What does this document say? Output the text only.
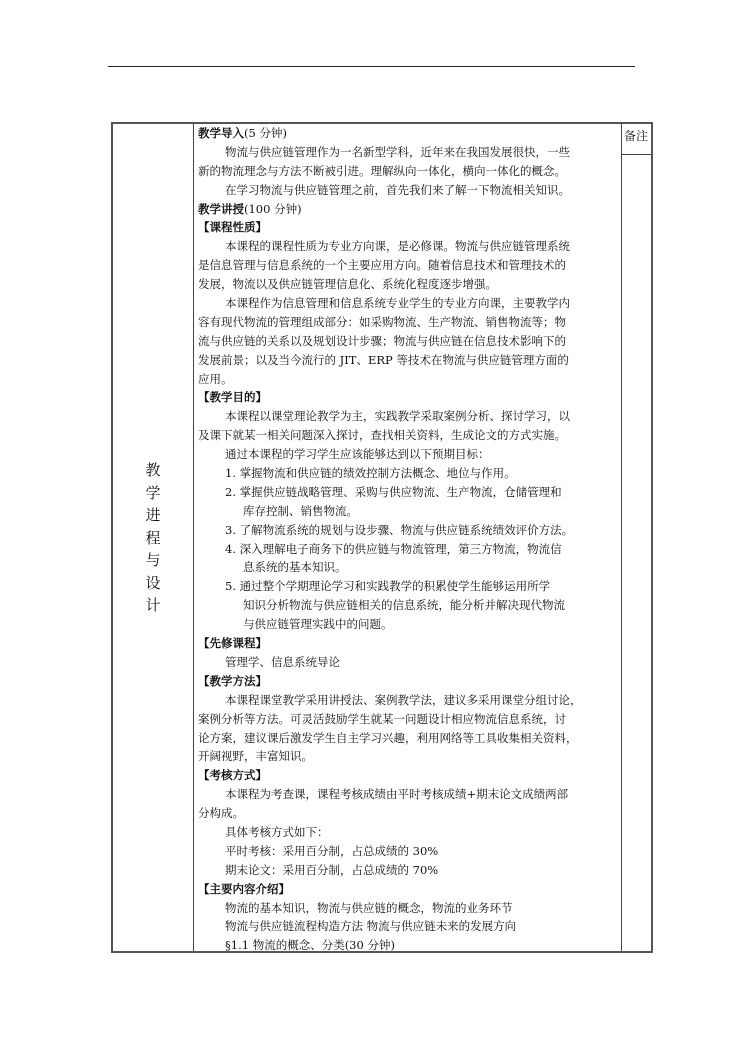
备注
教
学
进
程
与
设
计
教学导入(5 分钟)
物流与供应链管理作为一名新型学科，近年来在我国发展很快，一些
新的物流理念与方法不断被引进。理解纵向一体化，横向一体化的概念。
在学习物流与供应链管理之前，首先我们来了解一下物流相关知识。
教学讲授(100 分钟)
【课程性质】
本课程的课程性质为专业方向课，是必修课。物流与供应链管理系统
是信息管理与信息系统的一个主要应用方向。随着信息技术和管理技术的
发展，物流以及供应链管理信息化、系统化程度逐步增强。
本课程作为信息管理和信息系统专业学生的专业方向课，主要教学内
容有现代物流的管理组成部分：如采购物流、生产物流、销售物流等；物
流与供应链的关系以及规划设计步骤；物流与供应链在信息技术影响下的
发展前景；以及当今流行的 JIT、ERP 等技术在物流与供应链管理方面的
应用。
【教学目的】
本课程以课堂理论教学为主，实践教学采取案例分析、探讨学习，以
及课下就某一相关问题深入探讨，查找相关资料，生成论文的方式实施。
通过本课程的学习学生应该能够达到以下预期目标：
1. 掌握物流和供应链的绩效控制方法概念、地位与作用。
2. 掌握供应链战略管理、采购与供应物流、生产物流，仓储管理和
库存控制、销售物流。
3. 了解物流系统的规划与设步骤、物流与供应链系统绩效评价方法。
4. 深入理解电子商务下的供应链与物流管理，第三方物流，物流信
息系统的基本知识。
5. 通过整个学期理论学习和实践教学的积累使学生能够运用所学
知识分析物流与供应链相关的信息系统，能分析并解决现代物流
与供应链管理实践中的问题。
【先修课程】
管理学、信息系统导论
【教学方法】
本课程课堂教学采用讲授法、案例教学法，建议多采用课堂分组讨论，
案例分析等方法。可灵活鼓励学生就某一问题设计相应物流信息系统，讨
论方案，建议课后激发学生自主学习兴趣，利用网络等工具收集相关资料，
开阔视野，丰富知识。
【考核方式】
本课程为考查课，课程考核成绩由平时考核成绩+期末论文成绩两部
分构成。
具体考核方式如下：
平时考核：采用百分制，占总成绩的 30%
期末论文：采用百分制，占总成绩的 70%
【主要内容介绍】
物流的基本知识，物流与供应链的概念，物流的业务环节
物流与供应链流程构造方法 物流与供应链未来的发展方向
§1.1 物流的概念、分类(30 分钟)
